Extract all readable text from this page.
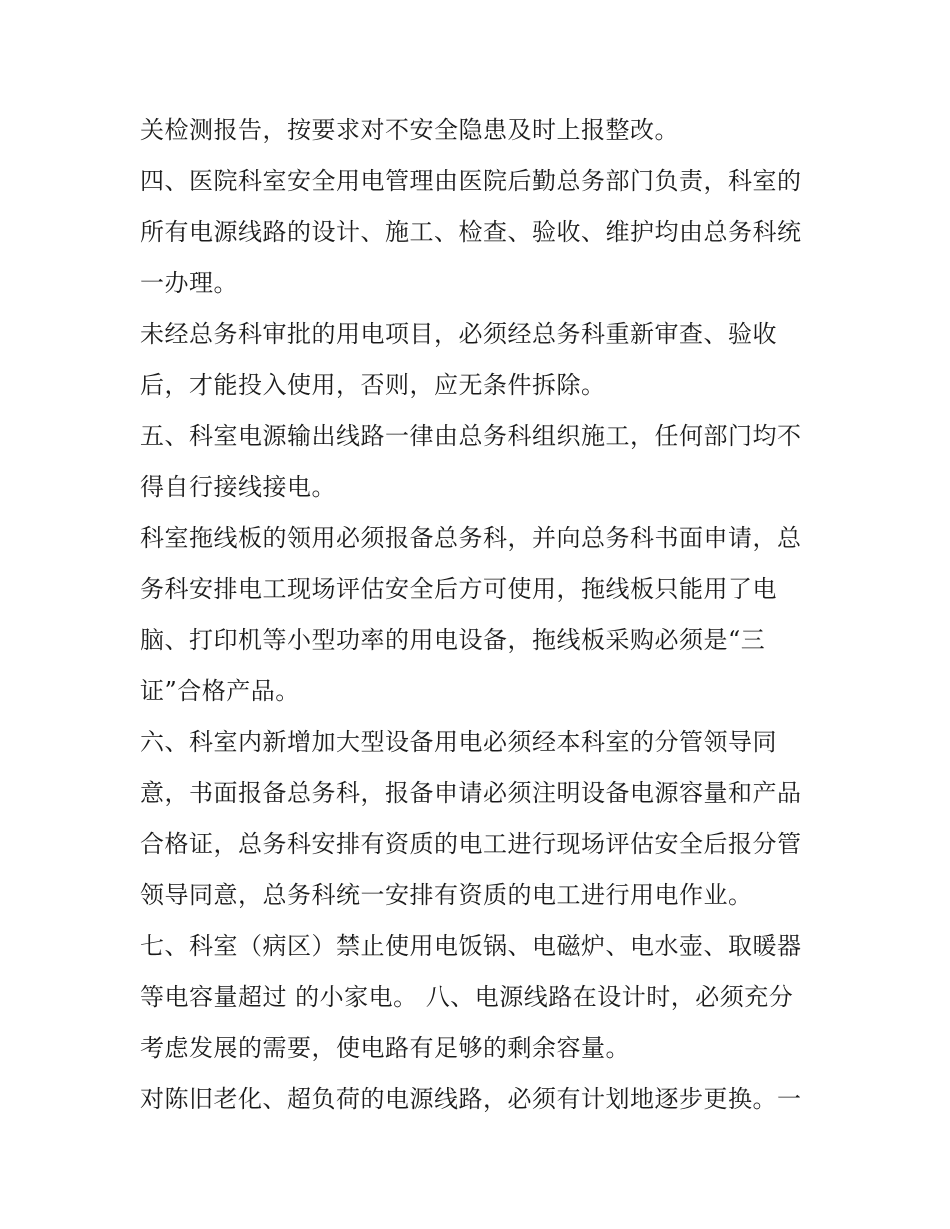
关检测报告，按要求对不安全隐患及时上报整改。
四、医院科室安全用电管理由医院后勤总务部门负责，科室的
所有电源线路的设计、施工、检查、验收、维护均由总务科统
一办理。
未经总务科审批的用电项目，必须经总务科重新审查、验收
后，才能投入使用，否则，应无条件拆除。
五、科室电源输出线路一律由总务科组织施工，任何部门均不
得自行接线接电。
科室拖线板的领用必须报备总务科，并向总务科书面申请，总
务科安排电工现场评估安全后方可使用，拖线板只能用了电
脑、打印机等小型功率的用电设备，拖线板采购必须是“三
证”合格产品。
六、科室内新增加大型设备用电必须经本科室的分管领导同
意，书面报备总务科，报备申请必须注明设备电源容量和产品
合格证，总务科安排有资质的电工进行现场评估安全后报分管
领导同意，总务科统一安排有资质的电工进行用电作业。
七、科室（病区）禁止使用电饭锅、电磁炉、电水壶、取暖器
等电容量超过 的小家电。 八、电源线路在设计时，必须充分
考虑发展的需要，使电路有足够的剩余容量。
对陈旧老化、超负荷的电源线路，必须有计划地逐步更换。一
